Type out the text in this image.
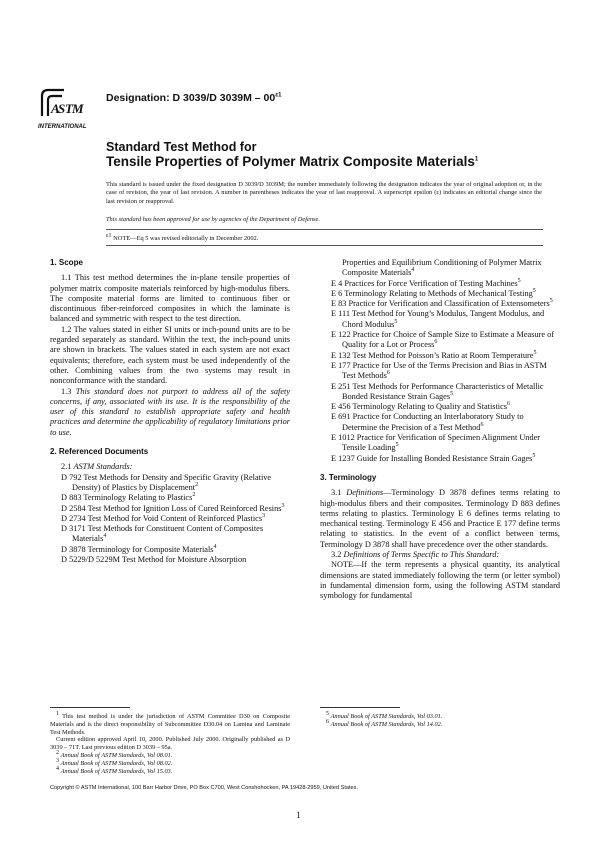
A
S T M
INTERNATIONAL
Designation: D 3039/D $3039M - 00^{\varepsilon 1}$
Standard Test Method for
Tensile Properties of Polymer Matrix Composite Materials$^1$
This standard is issued under the fixed designation D 3039/D 3039M; the number immediately following the designation indicates the year of original adoption or, in the case of revision, the year of last revision. A number in parentheses indicates the year of last reapproval. A superscript epsilon (ε) indicates an editorial change since the last revision or reapproval.
This standard has been approved for use by agencies of the Department of Defense.
$^{\varepsilon 1}$ NOTE—Eq 5 was revised editorially in December 2002.
1. Scope

1.1 This test method determines the in-plane tensile properties of polymer matrix composite materials reinforced by high-modulus fibers. The composite material forms are limited to continuous fiber or discontinuous fiber-reinforced composites in which the laminate is balanced and symmetric with respect to the test direction.

1.2 The values stated in either SI units or inch-pound units are to be regarded separately as standard. Within the text, the inch-pound units are shown in brackets. The values stated in each system are not exact equivalents; therefore, each system must be used independently of the other. Combining values from the two systems may result in nonconformance with the standard.

1.3 This standard does not purport to address all of the safety concerns, if any, associated with its use. It is the responsibility of the user of this standard to establish appropriate safety and health practices and determine the applicability of regulatory limitations prior to use.

2. Referenced Documents

2.1 ASTM Standards:

D 792 Test Methods for Density and Specific Gravity (Relative Density) of Plastics by Displacement$^2$

D 883 Terminology Relating to Plastics$^2$

D 2584 Test Method for Ignition Loss of Cured Reinforced Resins$^3$

D 2734 Test Method for Void Content of Reinforced Plastics$^3$

D 3171 Test Methods for Constituent Content of Composites Materials$^4$

D 3878 Terminology for Composite Materials$^4$

D 5229/D 5229M Test Method for Moisture Absorption

Properties and Equilibrium Conditioning of Polymer Matrix Composite Materials$^4$

E 4 Practices for Force Verification of Testing Machines$^5$

E 6 Terminology Relating to Methods of Mechanical Testing$^5$

E 83 Practice for Verification and Classification of Extensometers$^5$

E 111 Test Method for Young’s Modulus, Tangent Modulus, and Chord Modulus$^5$

E 122 Practice for Choice of Sample Size to Estimate a Measure of Quality for a Lot or Process$^6$

E 132 Test Method for Poisson’s Ratio at Room Temperature$^5$

E 177 Practice for Use of the Terms Precision and Bias in ASTM Test Methods$^6$

E 251 Test Methods for Performance Characteristics of Metallic Bonded Resistance Strain Gages$^5$

E 456 Terminology Relating to Quality and Statistics$^6$

E 691 Practice for Conducting an Interlaboratory Study to Determine the Precision of a Test Method$^6$

E 1012 Practice for Verification of Specimen Alignment Under Tensile Loading$^5$

E 1237 Guide for Installing Bonded Resistance Strain Gages$^5$

3. Terminology

3.1 Definitions—Terminology D 3878 defines terms relating to high-modulus fibers and their composites. Terminology D 883 defines terms relating to plastics. Terminology E 6 defines terms relating to mechanical testing. Terminology E 456 and Practice E 177 define terms relating to statistics. In the event of a conflict between terms, Terminology D 3878 shall have precedence over the other standards.

3.2 Definitions of Terms Specific to This Standard:

NOTE—If the term represents a physical quantity, its analytical dimensions are stated immediately following the term (or letter symbol) in fundamental dimension form, using the following ASTM standard symbology for fundamental

$^1$ This test method is under the jurisdiction of ASTM Committee D30 on Composite Materials and is the direct responsibility of Subcommittee D30.04 on Lamina and Laminate Test Methods.

Current edition approved April 10, 2000. Published July 2000. Originally published as D 3039 – 71T. Last previous edition D 3039 – 95a.

$^2$ Annual Book of ASTM Standards, Vol 08.01.

$^3$ Annual Book of ASTM Standards, Vol 08.02.

$^4$ Annual Book of ASTM Standards, Vol 15.03.

$^5$ Annual Book of ASTM Standards, Vol 03.01.

$^6$ Annual Book of ASTM Standards, Vol 14.02.

Copyright © ASTM International, 100 Barr Harbor Drive, PO Box C700, West Conshohocken, PA 19428-2959, United States.
1
